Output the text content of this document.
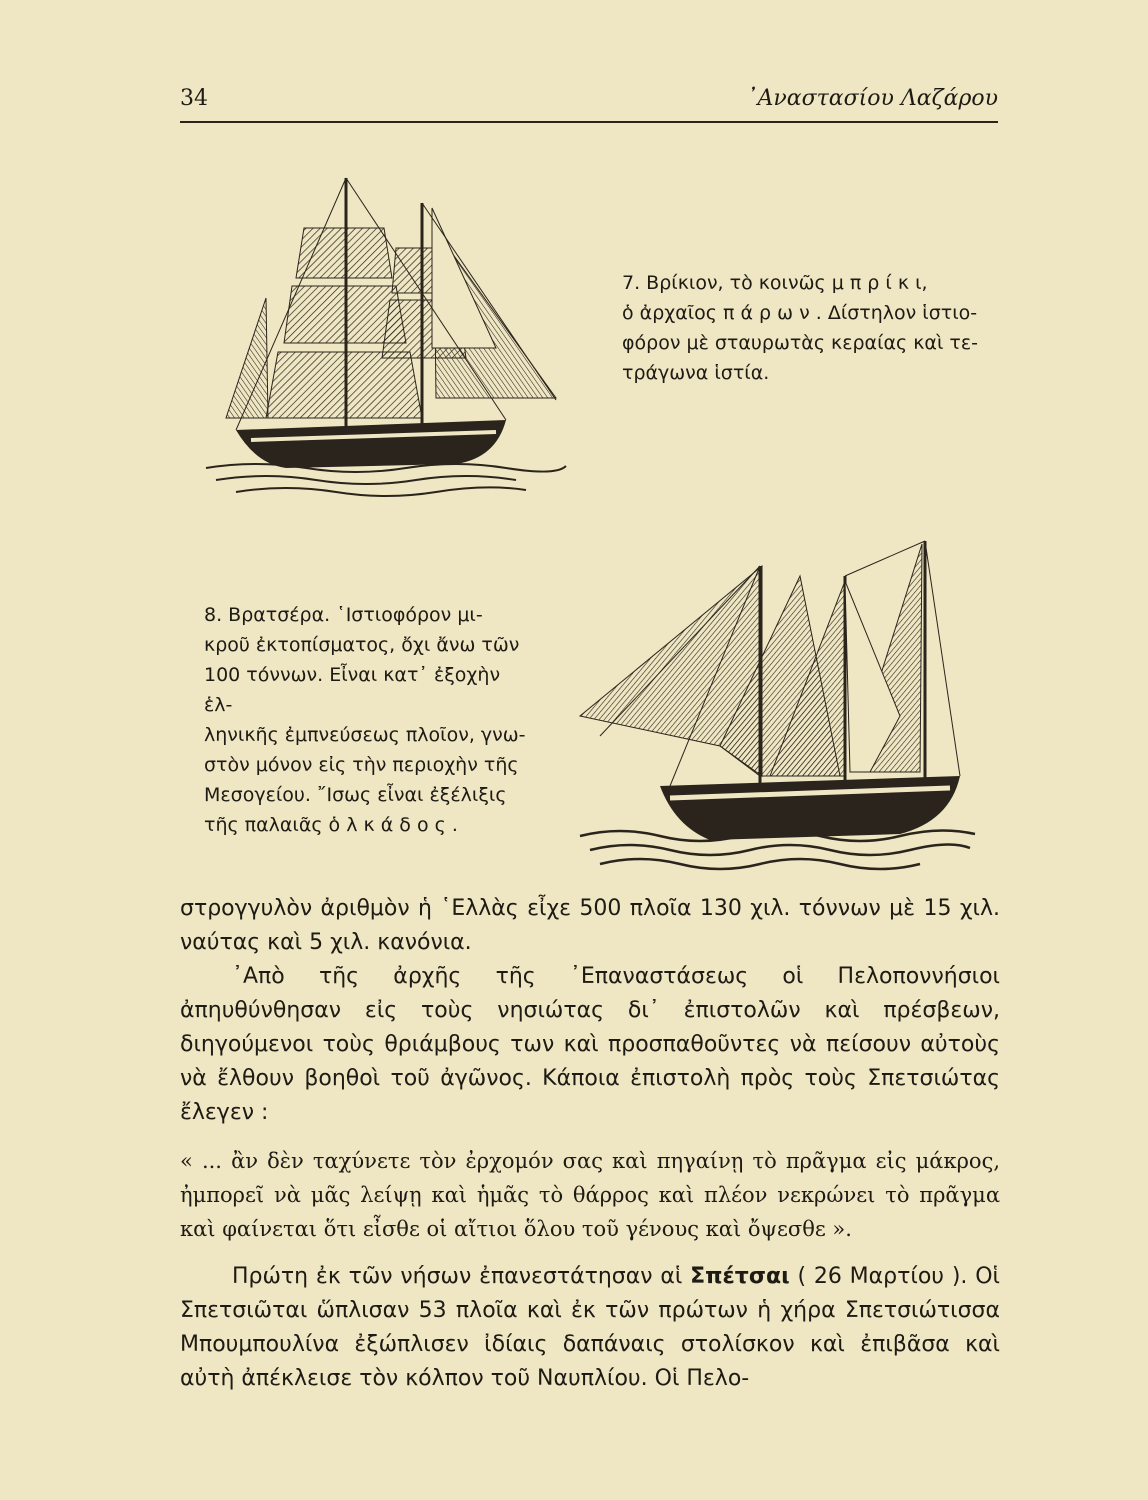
34	᾿Αναστασίου Λαζάρου

7. Βρίκιον, τὸ κοινῶς μ π ρ ί κ ι,

ὁ ἀρχαῖος π ά ρ ω ν . Δίστηλον ἱστιο-

φόρον μὲ σταυρωτὰς κεραίας καὶ τε-

τράγωνα ἱστία.

8. Βρατσέρα. ῾Ιστιοφόρον μι-

κροῦ ἐκτοπίσματος, ὄχι ἄνω τῶν

100 τόννων. Εἶναι κατ᾿ ἐξοχὴν ἑλ-

ληνικῆς ἐμπνεύσεως πλοῖον, γνω-

στὸν μόνον εἰς τὴν περιοχὴν τῆς

Μεσογείου. ῎Ισως εἶναι ἐξέλιξις

τῆς παλαιᾶς ὁ λ κ ά δ ο ς .

στρογγυλὸν ἀριθμὸν ἡ ῾Ελλὰς εἶχε 500 πλοῖα 130 χιλ. τόννων μὲ 15 χιλ. ναύτας καὶ 5 χιλ. κανόνια.

᾿Απὸ τῆς ἀρχῆς τῆς ᾿Επαναστάσεως οἱ Πελοποννήσιοι ἀπηυθύνθησαν εἰς τοὺς νησιώτας δι᾿ ἐπιστολῶν καὶ πρέσβεων, διηγούμενοι τοὺς θριάμβους των καὶ προσπαθοῦντες νὰ πείσουν αὐτοὺς νὰ ἔλθουν βοηθοὶ τοῦ ἀγῶνος. Κάποια ἐπιστολὴ πρὸς τοὺς Σπετσιώτας ἔλεγεν :

« ... ἂν δὲν ταχύνετε τὸν ἐρχομόν σας καὶ πηγαίνῃ τὸ πρᾶγμα εἰς μάκρος, ἠμπορεῖ νὰ μᾶς λείψῃ καὶ ἡμᾶς τὸ θάρρος καὶ πλέον νεκρώνει τὸ πρᾶγμα καὶ φαίνεται ὅτι εἶσθε οἱ αἴτιοι ὅλου τοῦ γένους καὶ ὄψεσθε ».

Πρώτη ἐκ τῶν νήσων ἐπανεστάτησαν αἱ Σπέτσαι ( 26 Μαρτίου ). Οἱ Σπετσιῶται ὥπλισαν 53 πλοῖα καὶ ἐκ τῶν πρώτων ἡ χήρα Σπετσιώτισσα Μπουμπουλίνα ἐξώπλισεν ἰδίαις δαπάναις στολίσκον καὶ ἐπιβᾶσα καὶ αὐτὴ ἀπέκλεισε τὸν κόλπον τοῦ Ναυπλίου. Οἱ Πελο-
